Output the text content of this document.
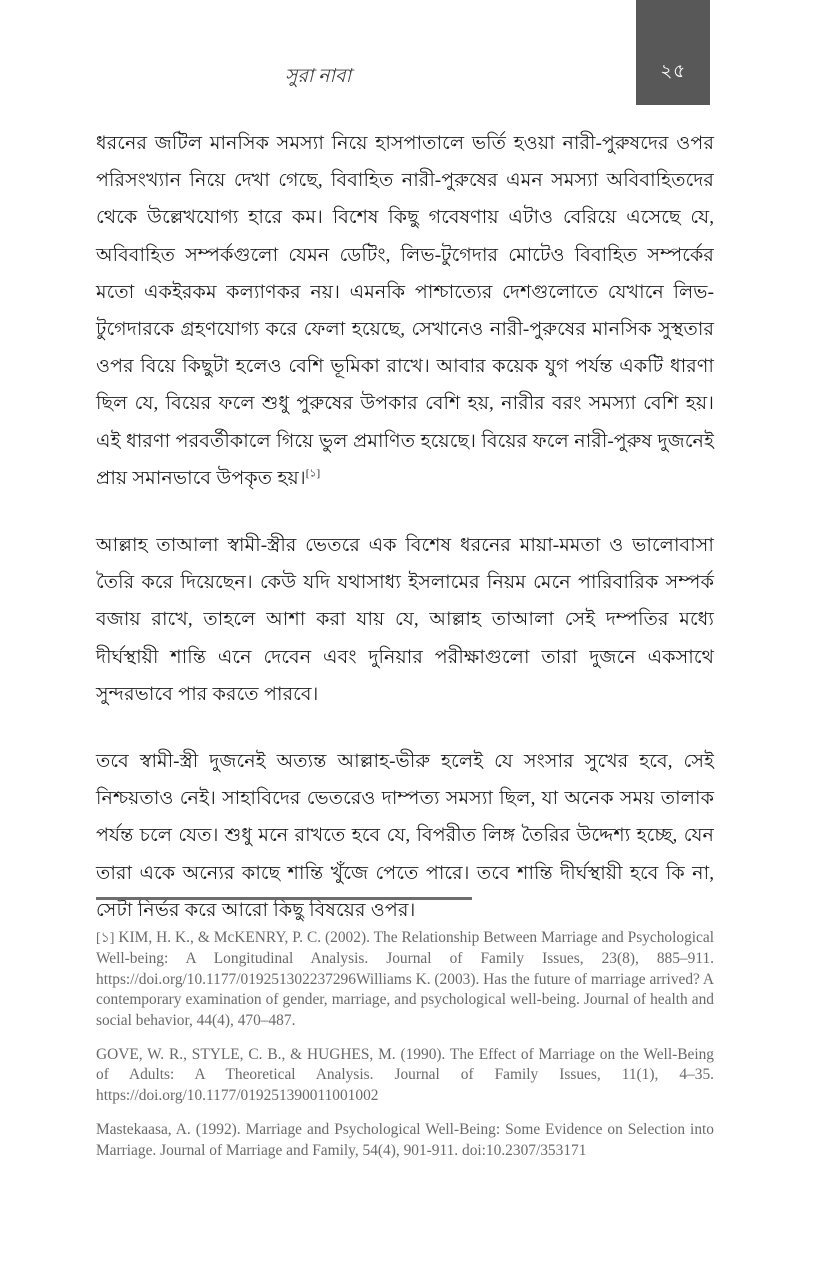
২৫
সুরা নাবা

ধরনের জটিল মানসিক সমস্যা নিয়ে হাসপাতালে ভর্তি হওয়া নারী-পুরুষদের ওপর পরিসংখ্যান নিয়ে দেখা গেছে, বিবাহিত নারী-পুরুষের এমন সমস্যা অবিবাহিতদের থেকে উল্লেখযোগ্য হারে কম। বিশেষ কিছু গবেষণায় এটাও বেরিয়ে এসেছে যে, অবিবাহিত সম্পর্কগুলো যেমন ডেটিং, লিভ-টুগেদার মোটেও বিবাহিত সম্পর্কের মতো একইরকম কল্যাণকর নয়। এমনকি পাশ্চাত্যের দেশগুলোতে যেখানে লিভ-টুগেদারকে গ্রহণযোগ্য করে ফেলা হয়েছে, সেখানেও নারী-পুরুষের মানসিক সুস্থতার ওপর বিয়ে কিছুটা হলেও বেশি ভূমিকা রাখে। আবার কয়েক যুগ পর্যন্ত একটি ধারণা ছিল যে, বিয়ের ফলে শুধু পুরুষের উপকার বেশি হয়, নারীর বরং সমস্যা বেশি হয়। এই ধারণা পরবর্তীকালে গিয়ে ভুল প্রমাণিত হয়েছে। বিয়ের ফলে নারী-পুরুষ দুজনেই প্রায় সমানভাবে উপকৃত হয়।[১]

আল্লাহ তাআলা স্বামী-স্ত্রীর ভেতরে এক বিশেষ ধরনের মায়া-মমতা ও ভালোবাসা তৈরি করে দিয়েছেন। কেউ যদি যথাসাধ্য ইসলামের নিয়ম মেনে পারিবারিক সম্পর্ক বজায় রাখে, তাহলে আশা করা যায় যে, আল্লাহ তাআলা সেই দম্পতির মধ্যে দীর্ঘস্থায়ী শান্তি এনে দেবেন এবং দুনিয়ার পরীক্ষাগুলো তারা দুজনে একসাথে সুন্দরভাবে পার করতে পারবে।

তবে স্বামী-স্ত্রী দুজনেই অত্যন্ত আল্লাহ-ভীরু হলেই যে সংসার সুখের হবে, সেই নিশ্চয়তাও নেই। সাহাবিদের ভেতরেও দাম্পত্য সমস্যা ছিল, যা অনেক সময় তালাক পর্যন্ত চলে যেত। শুধু মনে রাখতে হবে যে, বিপরীত লিঙ্গ তৈরির উদ্দেশ্য হচ্ছে, যেন তারা একে অন্যের কাছে শান্তি খুঁজে পেতে পারে। তবে শান্তি দীর্ঘস্থায়ী হবে কি না, সেটা নির্ভর করে আরো কিছু বিষয়ের ওপর।

[১] KIM, H. K., & McKENRY, P. C. (2002). The Relationship Between Marriage and Psychological Well-being: A Longitudinal Analysis. Journal of Family Issues, 23(8), 885–911. https://doi.org/10.1177/019251302237296Williams K. (2003). Has the future of marriage arrived? A contemporary examination of gender, marriage, and psychological well-being. Journal of health and social behavior, 44(4), 470–487.

GOVE, W. R., STYLE, C. B., & HUGHES, M. (1990). The Effect of Marriage on the Well-Being of Adults: A Theoretical Analysis. Journal of Family Issues, 11(1), 4–35. https://doi.org/10.1177/019251390011001002

Mastekaasa, A. (1992). Marriage and Psychological Well-Being: Some Evidence on Selection into Marriage. Journal of Marriage and Family, 54(4), 901-911. doi:10.2307/353171
